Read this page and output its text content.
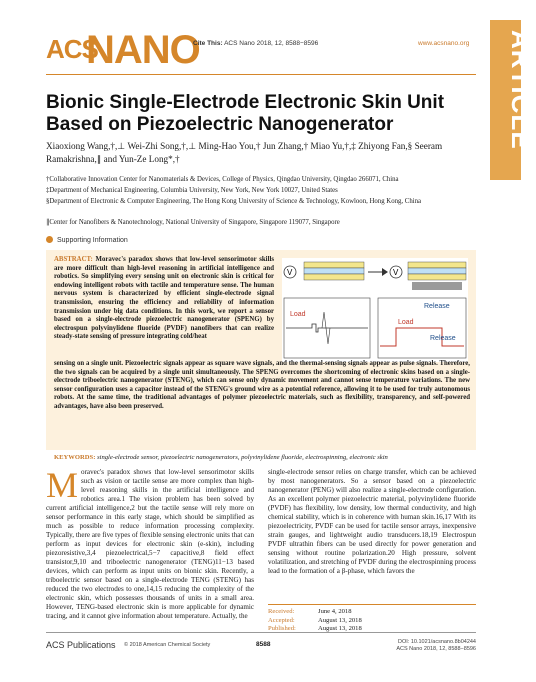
ACS
NANO
Cite This: ACS Nano 2018, 12, 8588−8596	www.acsnano.org	ARTICLE
Bionic Single-Electrode Electronic Skin Unit Based on Piezoelectric Nanogenerator
Xiaoxiong Wang,†,⊥ Wei-Zhi Song,†,⊥ Ming-Hao You,† Jun Zhang,† Miao Yu,†,‡ Zhiyong Fan,§ Seeram Ramakrishna,∥ and Yun-Ze Long*,†
†Collaborative Innovation Center for Nanomaterials & Devices, College of Physics, Qingdao University, Qingdao 266071, China
‡Department of Mechanical Engineering, Columbia University, New York, New York 10027, United States
§Department of Electronic & Computer Engineering, The Hong Kong University of Science & Technology, Kowloon, Hong Kong, China
∥Center for Nanofibers & Nanotechnology, National University of Singapore, Singapore 119077, Singapore
Supporting Information
ABSTRACT: Moravec's paradox shows that low-level sensorimotor skills are more difficult than high-level reasoning in artificial intelligence and robotics. So simplifying every sensing unit on electronic skin is critical for endowing intelligent robots with tactile and temperature sense. The human nervous system is characterized by efficient single-electrode signal transmission, ensuring the efficiency and reliability of information transmission under big data conditions. In this work, we report a sensor based on a single-electrode piezoelectric nanogenerator (SPENG) by electrospun polyvinylidene fluoride (PVDF) nanofibers that can realize steady-state sensing of pressure integrating cold/heat
V	V
Load
Release
Load
Release
sensing on a single unit. Piezoelectric signals appear as square wave signals, and the thermal-sensing signals appear as pulse signals. Therefore, the two signals can be acquired by a single unit simultaneously. The SPENG overcomes the shortcoming of electronic skins based on a single-electrode triboelectric nanogenerator (STENG), which can sense only dynamic movement and cannot sense temperature variations. The new sensor configuration uses a capacitor instead of the STENG's ground wire as a potential reference, allowing it to be used for truly autonomous robots. At the same time, the traditional advantages of polymer piezoelectric materials, such as flexibility, transparency, and self-powered advantages, have also been preserved.
KEYWORDS: single-electrode sensor, piezoelectric nanogenerators, polyvinylidene fluoride, electrospinning, electronic skin
Moravec's paradox shows that low-level sensorimotor skills such as vision or tactile sense are more complex than high-level reasoning skills in the artificial intelligence and robotics area.1 The vision problem has been solved by current artificial intelligence,2 but the tactile sense will rely more on sensor performance in this early stage, which should be simplified as much as possible to reduce information processing complexity. Typically, there are five types of flexible sensing electronic units that can perform as input devices for electronic skin (e-skin), including piezoresistive,3,4 piezoelectrical,5−7 capacitive,8 field effect transistor,9,10 and triboelectric nanogenerator (TENG)11−13 based devices, which can perform as input units on bionic skin. Recently, a triboelectric sensor based on a single-electrode TENG (STENG) has reduced the two electrodes to one,14,15 reducing the complexity of the electronic skin, which possesses thousands of units in a small area. However, TENG-based electronic skin is more applicable for dynamic tracing, and it cannot give information about temperature. Actually, the
single-electrode sensor relies on charge transfer, which can be achieved by most nanogenerators. So a sensor based on a piezoelectric nanogenerator (PENG) will also realize a single-electrode configuration. As an excellent polymer piezoelectric material, polyvinylidene fluoride (PVDF) has flexibility, low density, low thermal conductivity, and high chemical stability, which is in coherence with human skin.16,17 With its piezoelectricity, PVDF can be used for tactile sensor arrays, inexpensive strain gauges, and lightweight audio transducers.18,19 Electrospun PVDF ultrathin fibers can be used directly for power generation and sensing without routine polarization.20 High pressure, solvent volatilization, and stretching of PVDF during the electrospinning process lead to the formation of a β-phase, which favors the
Received:	June 4, 2018
Accepted:	August 13, 2018
Published:	August 13, 2018
ACS Publications © 2018 American Chemical Society	8588	DOI: 10.1021/acsnano.8b04244
ACS Nano 2018, 12, 8588−8596
